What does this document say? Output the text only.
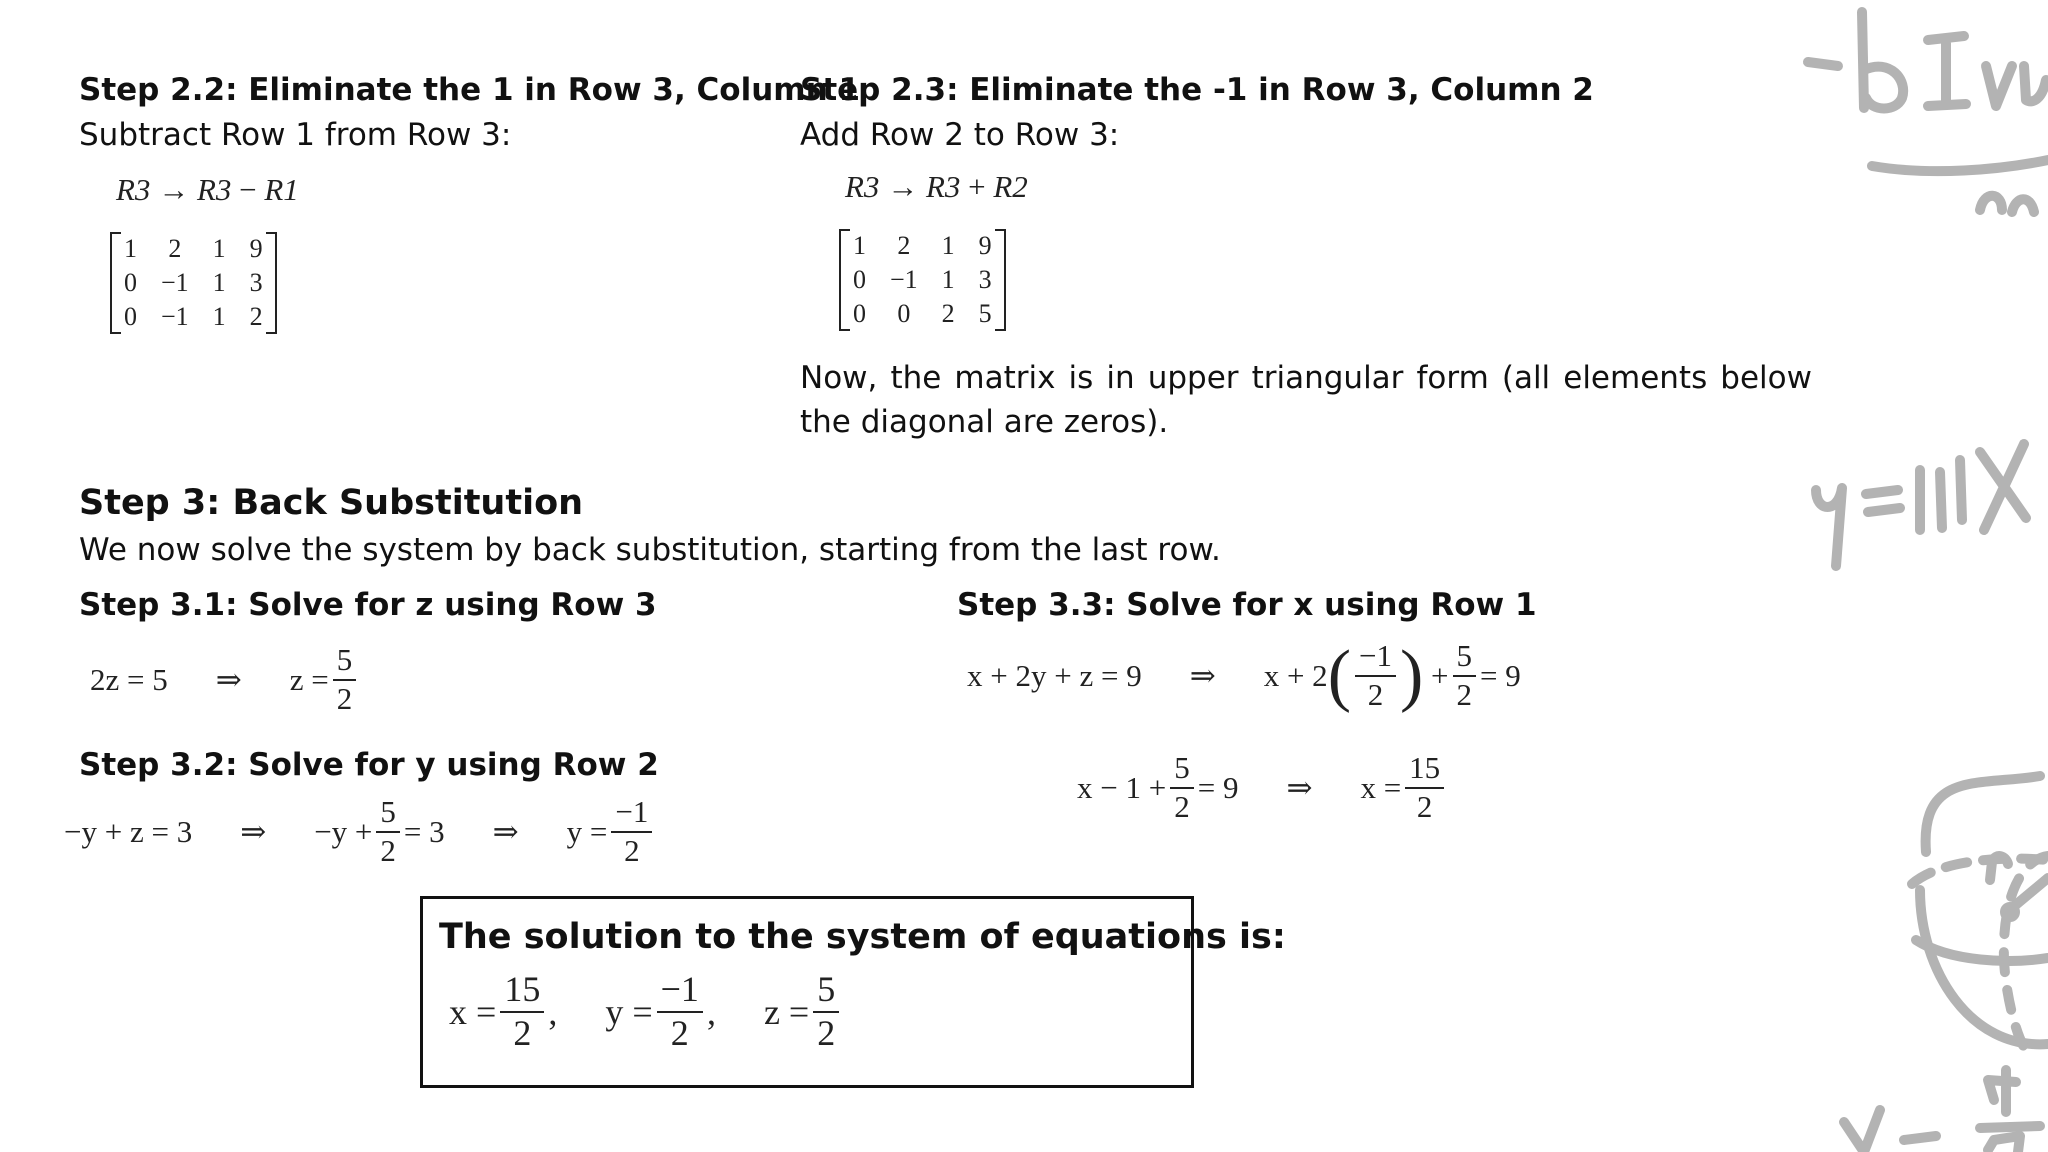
Step 2.2: Eliminate the 1 in Row 3, Column 1
Subtract Row 1 from Row 3:
R3
→
R3
−
R1
1	2	1	9
0	−1	1	3
0	−1	1	2
Step 2.3: Eliminate the -1 in Row 3, Column 2
Add Row 2 to Row 3:
R3
→
R3
+
R2
1	2	1	9
0	−1	1	3
0	0	2	5
Now, the matrix is in upper triangular form (all elements below the diagonal are zeros).
Step 3: Back Substitution
We now solve the system by back substitution, starting from the last row.
Step 3.1: Solve for z using Row 3
2z = 5 ⇒ $z = \frac{5}{2}$
Step 3.2: Solve for y using Row 2
−y + z = 3 ⇒ $-y + \frac{5}{2} = 3$ ⇒ $y = \frac{-1}{2}$
Step 3.3: Solve for x using Row 1
x + 2y + z = 9 ⇒ x + 2 ( $\frac{-1}{2}$ )
+ $\frac{5}{2} = 9$
$x - 1 + \frac{5}{2} = 9$ ⇒ $x = \frac{15}{2}$
The solution to the system of equations is:
$x = \frac{15}{2}$ , $y = \frac{-1}{2}$ , $z = \frac{5}{2}$
